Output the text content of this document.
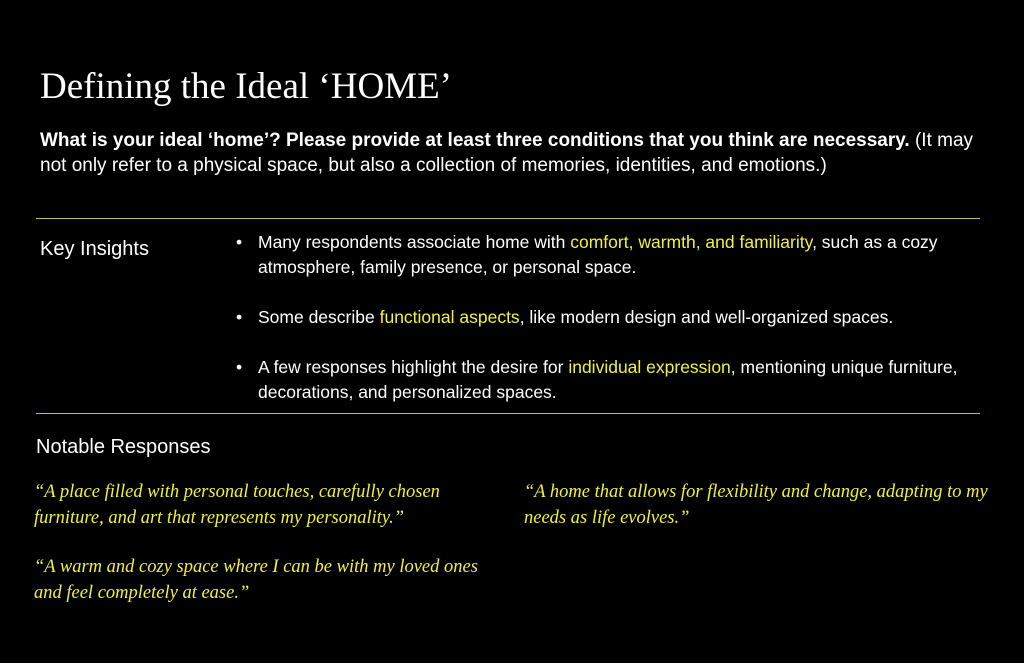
Defining the Ideal ‘HOME’
What is your ideal ‘home’? Please provide at least three conditions that you think are necessary. (It may not only refer to a physical space, but also a collection of memories, identities, and emotions.)
Key Insights	• Many respondents associate home with comfort, warmth, and familiarity, such as a cozy atmosphere, family presence, or personal space.
• Some describe functional aspects, like modern design and well-organized spaces.
• A few responses highlight the desire for individual expression, mentioning unique furniture, decorations, and personalized spaces.
Notable Responses
“A place filled with personal touches, carefully chosen furniture, and art that represents my personality.”
“A warm and cozy space where I can be with my loved ones and feel completely at ease.”
“A home that allows for flexibility and change, adapting to my needs as life evolves.”
